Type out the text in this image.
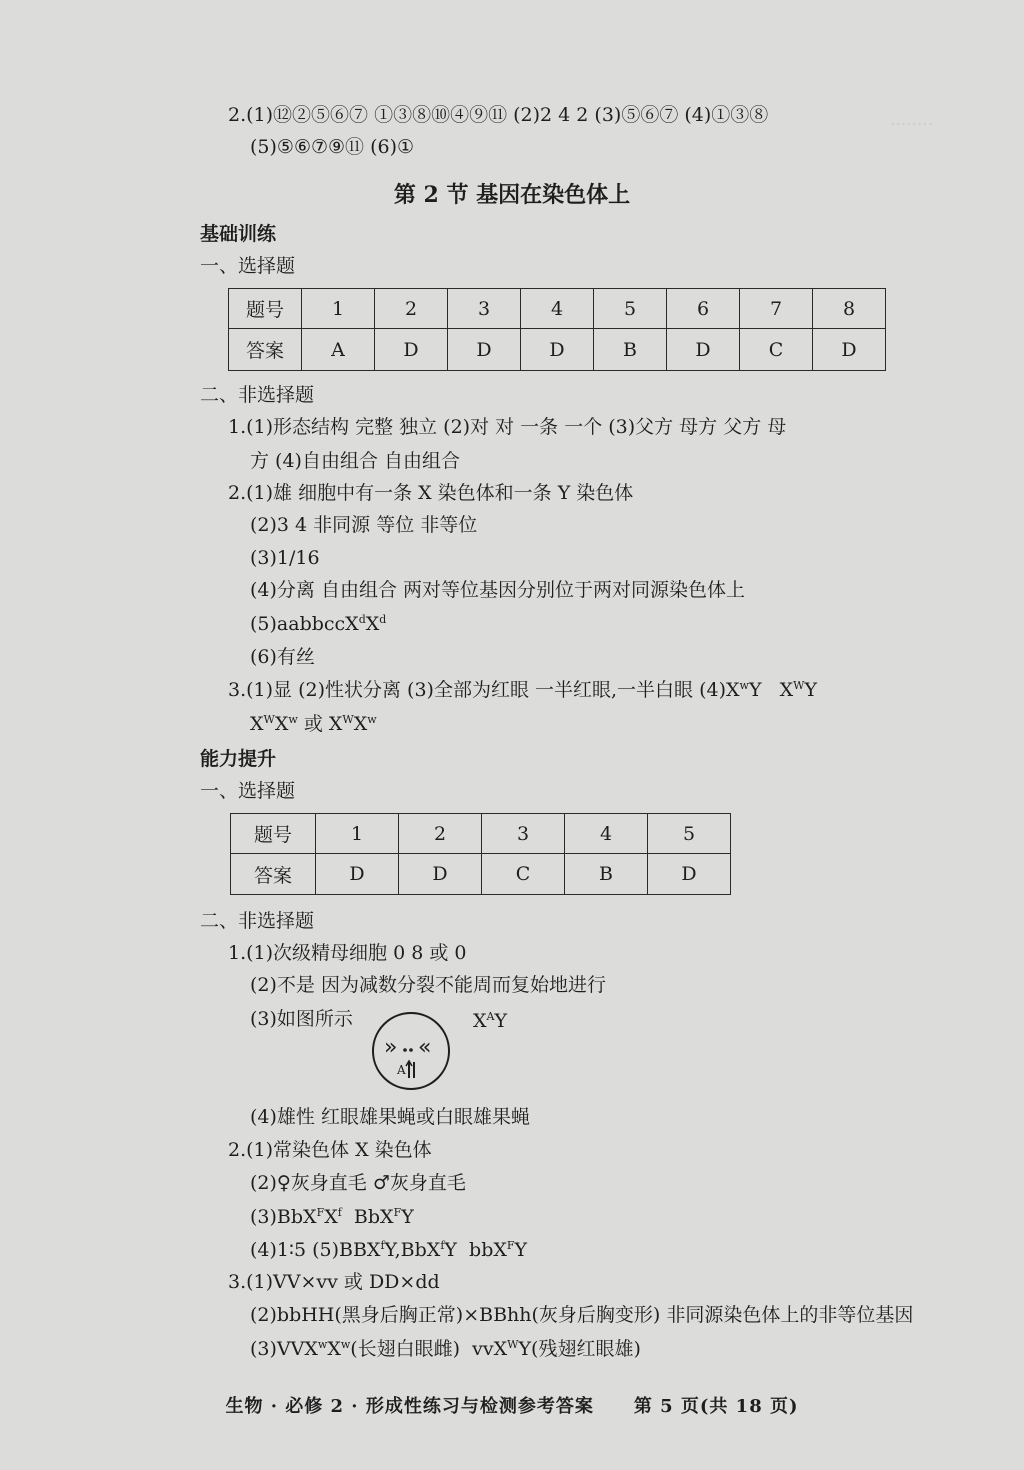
........
2.(1)⑫②⑤⑥⑦ ①③⑧⑩④⑨⑪ (2)2 4 2 (3)⑤⑥⑦ (4)①③⑧
(5)⑤⑥⑦⑨⑪ (6)①
第 2 节 基因在染色体上
基础训练
一、选择题
题号	1	2	3	4	5	6	7	8
答案	A	D	D	D	B	D	C	D
二、非选择题
1.(1)形态结构 完整 独立 (2)对 对 一条 一个 (3)父方 母方 父方 母
方 (4)自由组合 自由组合
2.(1)雄 细胞中有一条 X 染色体和一条 Y 染色体
(2)3 4 非同源 等位 非等位
(3)1/16
(4)分离 自由组合 两对等位基因分别位于两对同源染色体上
$(5)aabbccX^dX^d$
(6)有丝
3.(1)显 (2)性状分离 (3)全部为红眼 一半红眼,一半白眼 $(4)X^wY$ $X^WY$
$X^WX^w$ 或 $X^WX^w$
能力提升
一、选择题
题号	1	2	3	4	5
答案	D	D	C	B	D
二、非选择题
1.(1)次级精母细胞 0 8 或 0
(2)不是 因为减数分裂不能周而复始地进行
(3)如图所示
» «
A
$X^AY$
(4)雄性 红眼雄果蝇或白眼雄果蝇
2.(1)常染色体 X 染色体
(2)♀灰身直毛 ♂灰身直毛
$(3)BbX^FX^f$  BbX$^F$Y
(4)1∶5 (5)BBX$^f$Y,BbX$^f$Y  bbX$^F$Y
3.(1)VV×vv 或 DD×dd
(2)bbHH(黑身后胸正常)×BBhh(灰身后胸变形) 非同源染色体上的非等位基因
$(3)VVX^wX^w$(长翅白眼雌)  vvX$^W$Y(残翅红眼雄)
生物 · 必修 2 · 形成性练习与检测参考答案 第 5 页(共 18 页)
